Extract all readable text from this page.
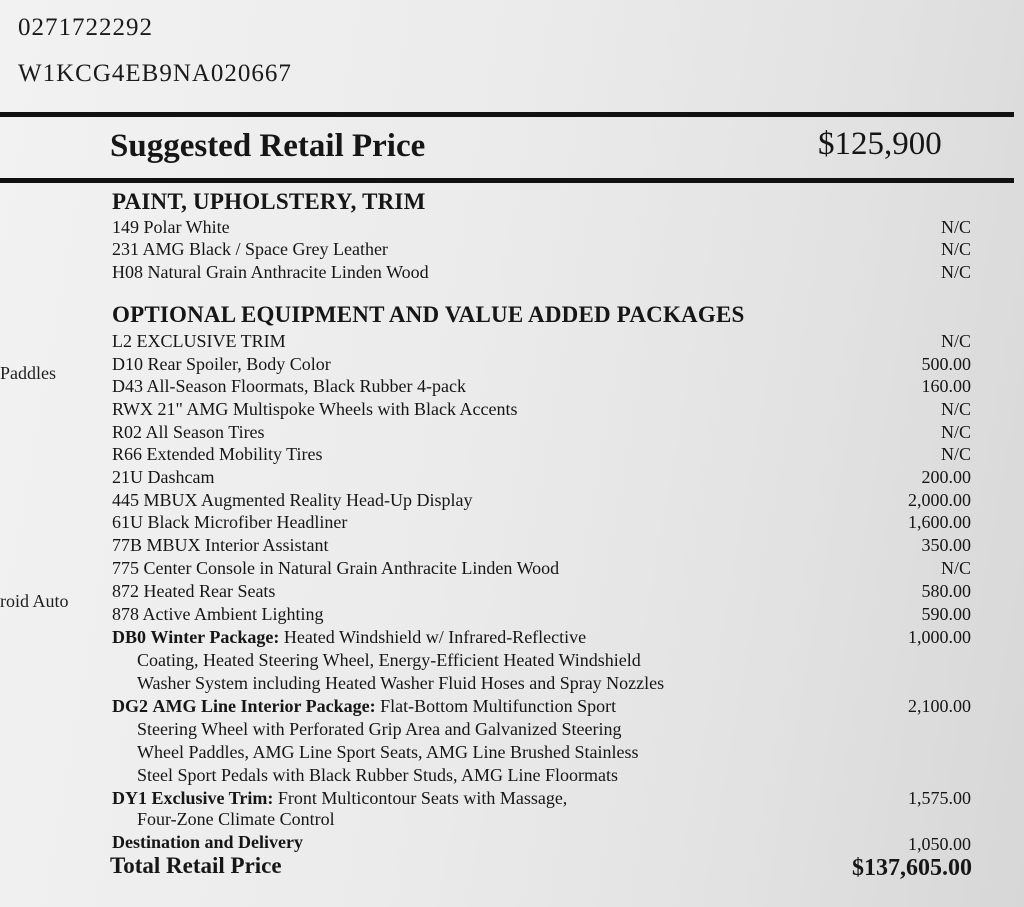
0271722292
W1KCG4EB9NA020667
Suggested Retail Price	$125,900
Paddles
roid Auto
PAINT, UPHOLSTERY, TRIM
149 Polar White	N/C
231 AMG Black / Space Grey Leather	N/C
H08 Natural Grain Anthracite Linden Wood	N/C
OPTIONAL EQUIPMENT AND VALUE ADDED PACKAGES
L2 EXCLUSIVE TRIM	N/C
D10 Rear Spoiler, Body Color	500.00
D43 All-Season Floormats, Black Rubber 4-pack	160.00
RWX 21" AMG Multispoke Wheels with Black Accents	N/C
R02 All Season Tires	N/C
R66 Extended Mobility Tires	N/C
21U Dashcam	200.00
445 MBUX Augmented Reality Head-Up Display	2,000.00
61U Black Microfiber Headliner	1,600.00
77B MBUX Interior Assistant	350.00
775 Center Console in Natural Grain Anthracite Linden Wood	N/C
872 Heated Rear Seats	580.00
878 Active Ambient Lighting	590.00
DB0 Winter Package: Heated Windshield w/ Infrared-Reflective	1,000.00
Coating, Heated Steering Wheel, Energy-Efficient Heated Windshield
Washer System including Heated Washer Fluid Hoses and Spray Nozzles
DG2 AMG Line Interior Package: Flat-Bottom Multifunction Sport	2,100.00
Steering Wheel with Perforated Grip Area and Galvanized Steering
Wheel Paddles, AMG Line Sport Seats, AMG Line Brushed Stainless
Steel Sport Pedals with Black Rubber Studs, AMG Line Floormats
DY1 Exclusive Trim: Front Multicontour Seats with Massage,	1,575.00
Four-Zone Climate Control
Destination and Delivery	1,050.00
Total Retail Price	$137,605.00
